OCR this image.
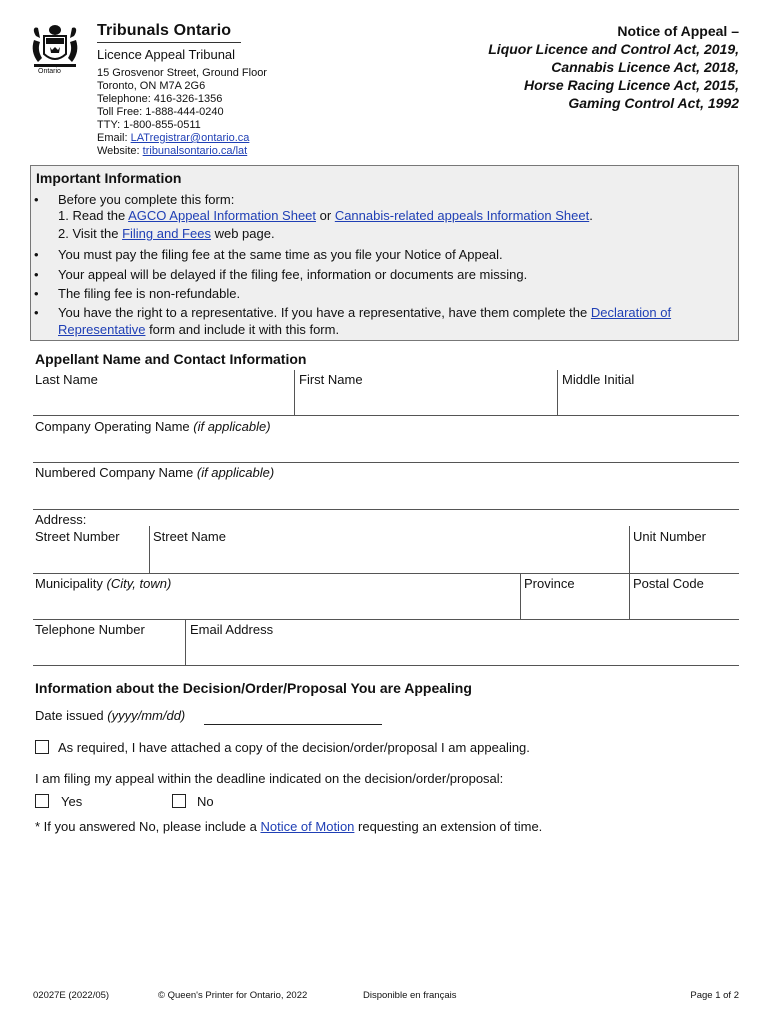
Ontario
Tribunals Ontario
Licence Appeal Tribunal
15 Grosvenor Street, Ground Floor
Toronto, ON M7A 2G6
Telephone: 416-326-1356
Toll Free: 1-888-444-0240
TTY: 1-800-855-0511
Email: LATregistrar@ontario.ca
Website: tribunalsontario.ca/lat
Notice of Appeal –
Liquor Licence and Control Act, 2019,
Cannabis Licence Act, 2018,
Horse Racing Licence Act, 2015,
Gaming Control Act, 1992
Important Information
• Before you complete this form:
1. Read the AGCO Appeal Information Sheet or Cannabis-related appeals Information Sheet.
2. Visit the Filing and Fees web page.
• You must pay the filing fee at the same time as you file your Notice of Appeal.
• Your appeal will be delayed if the filing fee, information or documents are missing.
• The filing fee is non-refundable.
• You have the right to a representative. If you have a representative, have them complete the Declaration of
Representative form and include it with this form.
Appellant Name and Contact Information
Last Name	First Name	Middle Initial
Company Operating Name (if applicable)
Numbered Company Name (if applicable)
Address:
Street Number	Street Name	Unit Number
Municipality (City, town)	Province	Postal Code
Telephone Number	Email Address
Information about the Decision/Order/Proposal You are Appealing
Date issued (yyyy/mm/dd)
As required, I have attached a copy of the decision/order/proposal I am appealing.
I am filing my appeal within the deadline indicated on the decision/order/proposal:
Yes	No
* If you answered No, please include a Notice of Motion requesting an extension of time.
02027E (2022/05)	© Queen's Printer for Ontario, 2022	Disponible en français	Page 1 of 2
